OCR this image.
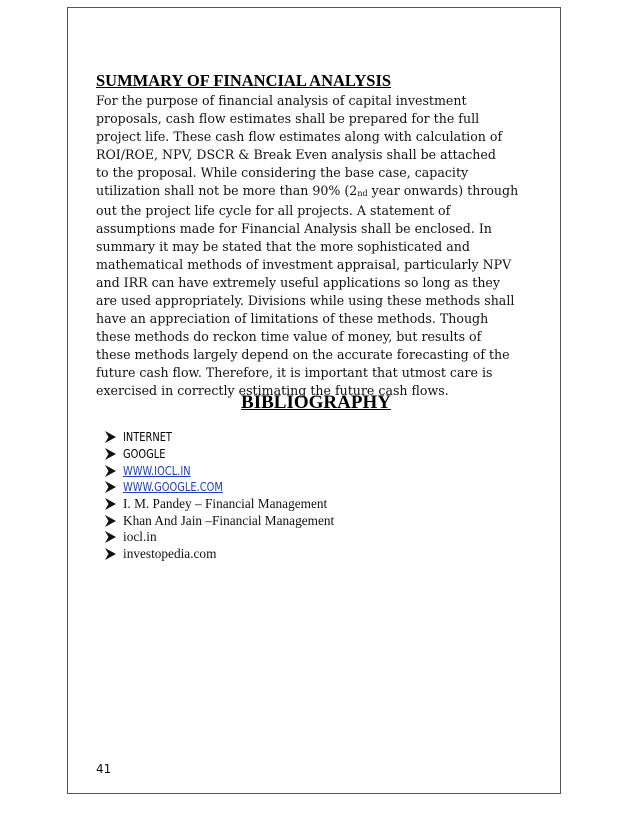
SUMMARY OF FINANCIAL ANALYSIS
For the purpose of financial analysis of capital investment
proposals, cash flow estimates shall be prepared for the full
project life. These cash flow estimates along with calculation of
ROI/ROE, NPV, DSCR & Break Even analysis shall be attached
to the proposal. While considering the base case, capacity
utilization shall not be more than 90% ($2_{nd}$ year onwards) through
out the project life cycle for all projects. A statement of
assumptions made for Financial Analysis shall be enclosed. In
summary it may be stated that the more sophisticated and
mathematical methods of investment appraisal, particularly NPV
and IRR can have extremely useful applications so long as they
are used appropriately. Divisions while using these methods shall
have an appreciation of limitations of these methods. Though
these methods do reckon time value of money, but results of
these methods largely depend on the accurate forecasting of the
future cash flow. Therefore, it is important that utmost care is
exercised in correctly estimating the future cash flows.
BIBLIOGRAPHY
INTERNET
GOOGLE
WWW.IOCL.IN
WWW.GOOGLE.COM
I. M. Pandey – Financial Management
Khan And Jain –Financial Management
iocl.in
investopedia.com
41
